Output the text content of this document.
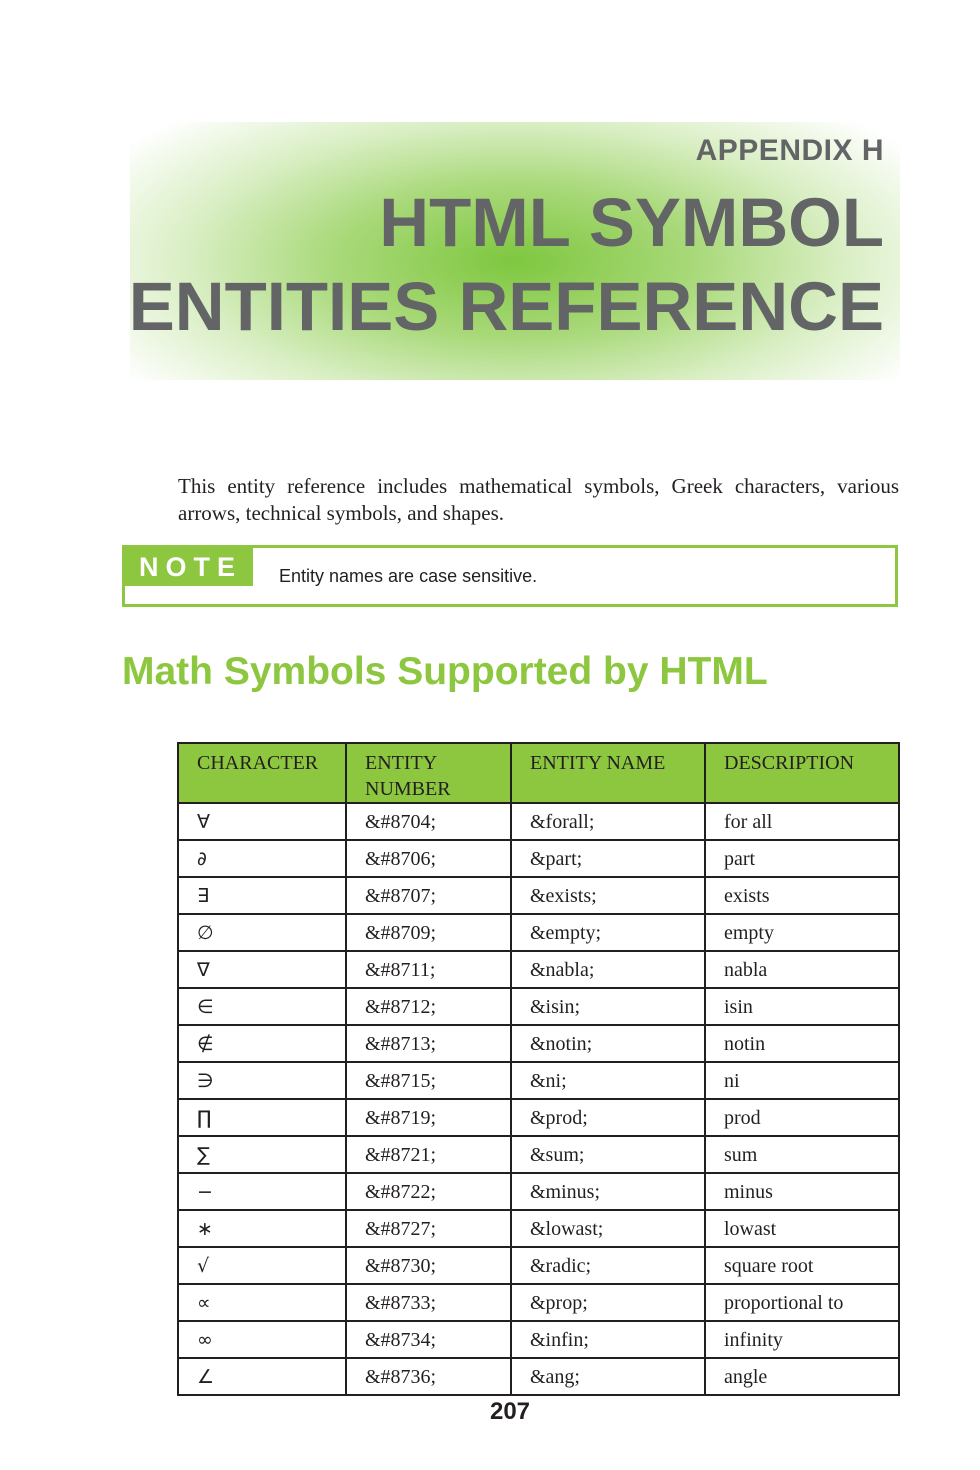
APPENDIX H
HTML SYMBOL
ENTITIES REFERENCE

This entity reference includes mathematical symbols, Greek characters, various arrows, technical symbols, and shapes.

NOTE	Entity names are case sensitive.
Math Symbols Supported by HTML
CHARACTER	ENTITY NUMBER	ENTITY NAME	DESCRIPTION
∀	&#8704;	&forall;	for all
∂	&#8706;	&part;	part
∃	&#8707;	&exists;	exists
∅	&#8709;	&empty;	empty
∇	&#8711;	&nabla;	nabla
∈	&#8712;	&isin;	isin
∉	&#8713;	&notin;	notin
∋	&#8715;	&ni;	ni
∏	&#8719;	&prod;	prod
∑	&#8721;	&sum;	sum
−	&#8722;	&minus;	minus
∗	&#8727;	&lowast;	lowast
√	&#8730;	&radic;	square root
∝	&#8733;	&prop;	proportional to
∞	&#8734;	&infin;	infinity
∠	&#8736;	&ang;	angle
207
